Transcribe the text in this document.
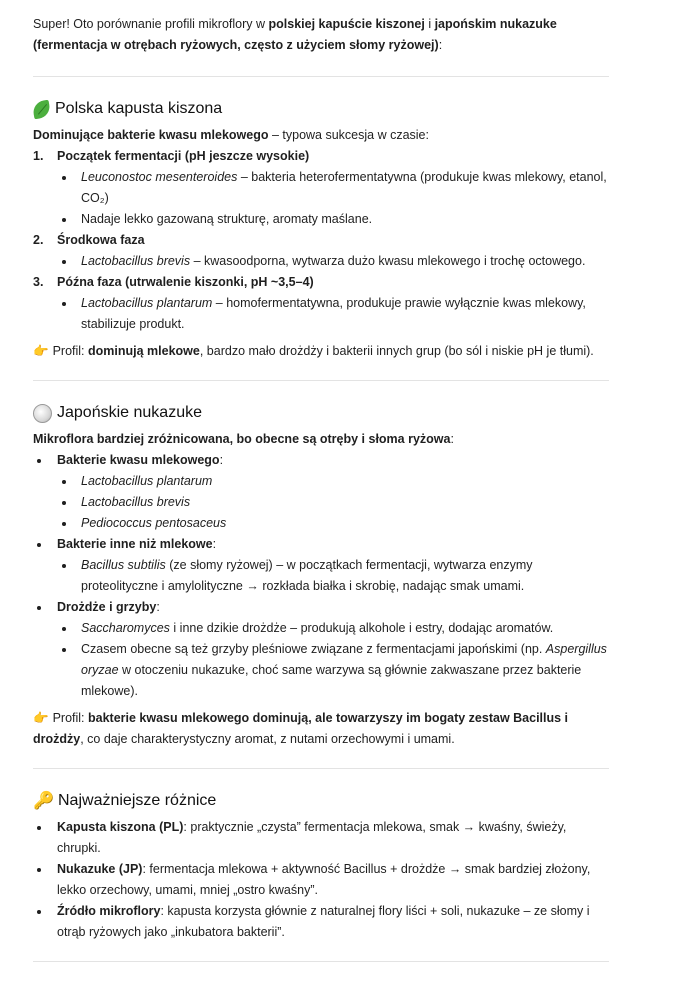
Super! Oto porównanie profili mikroflory w polskiej kapuście kiszonej i japońskim nukazuke
(fermentacja w otrębach ryżowych, często z użyciem słomy ryżowej):

Polska kapusta kiszona

Dominujące bakterie kwasu mlekowego – typowa sukcesja w czasie:

1. Początek fermentacji (pH jeszcze wysokie)
Leuconostoc mesenteroides – bakteria heterofermentatywna (produkuje kwas mlekowy, etanol, CO₂)
Nadaje lekko gazowaną strukturę, aromaty maślane.
2. Środkowa faza
Lactobacillus brevis – kwasoodporna, wytwarza dużo kwasu mlekowego i trochę octowego.
3. Późna faza (utrwalenie kiszonki, pH ~3,5–4)
Lactobacillus plantarum – homofermentatywna, produkuje prawie wyłącznie kwas mlekowy, stabilizuje produkt.

👉 Profil: dominują mlekowe, bardzo mało drożdży i bakterii innych grup (bo sól i niskie pH je tłumi).

Japońskie nukazuke

Mikroflora bardziej zróżnicowana, bo obecne są otręby i słoma ryżowa:

Bakterie kwasu mlekowego:
Lactobacillus plantarum
Lactobacillus brevis
Pediococcus pentosaceus
Bakterie inne niż mlekowe:
Bacillus subtilis (ze słomy ryżowej) – w początkach fermentacji, wytwarza enzymy proteolityczne i amylolityczne → rozkłada białka i skrobię, nadając smak umami.
Drożdże i grzyby:
Saccharomyces i inne dzikie drożdże – produkują alkohole i estry, dodając aromatów.
Czasem obecne są też grzyby pleśniowe związane z fermentacjami japońskimi (np. Aspergillus oryzae w otoczeniu nukazuke, choć same warzywa są głównie zakwaszane przez bakterie mlekowe).

👉 Profil: bakterie kwasu mlekowego dominują, ale towarzyszy im bogaty zestaw Bacillus i drożdży, co daje charakterystyczny aromat, z nutami orzechowymi i umami.

🔑 Najważniejsze różnice
Kapusta kiszona (PL): praktycznie „czysta” fermentacja mlekowa, smak → kwaśny, świeży, chrupki.
Nukazuke (JP): fermentacja mlekowa + aktywność Bacillus + drożdże → smak bardziej złożony, lekko orzechowy, umami, mniej „ostro kwaśny”.
Źródło mikroflory: kapusta korzysta głównie z naturalnej flory liści + soli, nukazuke – ze słomy i otrąb ryżowych jako „inkubatora bakterii”.
